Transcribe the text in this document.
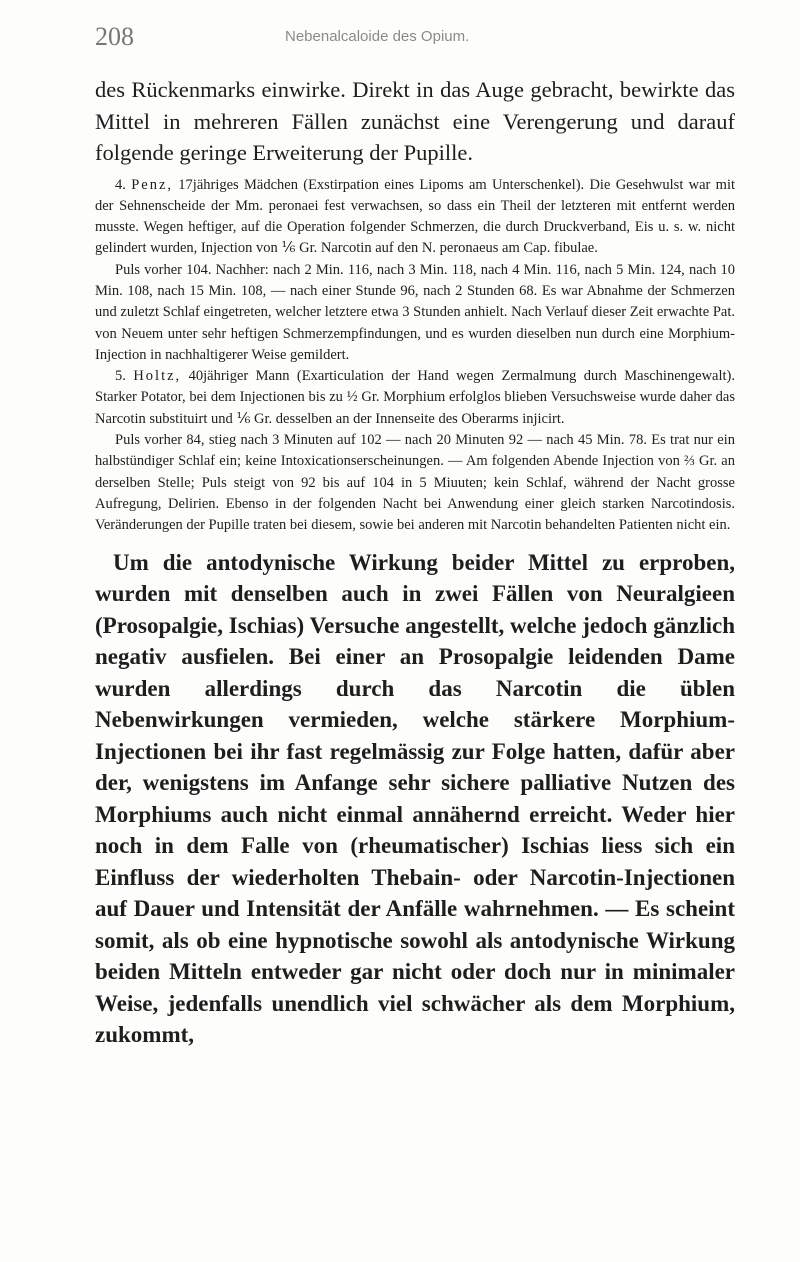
208	Nebenalcaloide des Opium.

des Rückenmarks einwirke. Direkt in das Auge gebracht, bewirkte das Mittel in mehreren Fällen zunächst eine Verengerung und darauf folgende geringe Erweiterung der Pupille.

4. Penz, 17jähriges Mädchen (Exstirpation eines Lipoms am Unterschenkel). Die Gesehwulst war mit der Sehnenscheide der Mm. peronaei fest verwachsen, so dass ein Theil der letzteren mit entfernt werden musste. Wegen heftiger, auf die Operation folgender Schmerzen, die durch Druckverband, Eis u. s. w. nicht gelindert wurden, Injection von ⅙ Gr. Narcotin auf den N. peronaeus am Cap. fibulae.

Puls vorher 104. Nachher: nach 2 Min. 116, nach 3 Min. 118, nach 4 Min. 116, nach 5 Min. 124, nach 10 Min. 108, nach 15 Min. 108, — nach einer Stunde 96, nach 2 Stunden 68. Es war Abnahme der Schmerzen und zuletzt Schlaf eingetreten, welcher letztere etwa 3 Stunden anhielt. Nach Verlauf dieser Zeit erwachte Pat. von Neuem unter sehr heftigen Schmerzempfindungen, und es wurden dieselben nun durch eine Morphium-Injection in nachhaltigerer Weise gemildert.

5. Holtz, 40jähriger Mann (Exarticulation der Hand wegen Zermalmung durch Maschinengewalt). Starker Potator, bei dem Injectionen bis zu ½ Gr. Morphium erfolglos blieben Versuchsweise wurde daher das Narcotin substituirt und ⅙ Gr. desselben an der Innenseite des Oberarms injicirt.

Puls vorher 84, stieg nach 3 Minuten auf 102 — nach 20 Minuten 92 — nach 45 Min. 78. Es trat nur ein halbstündiger Schlaf ein; keine Intoxicationserscheinungen. — Am folgenden Abende Injection von ⅔ Gr. an derselben Stelle; Puls steigt von 92 bis auf 104 in 5 Miuuten; kein Schlaf, während der Nacht grosse Aufregung, Delirien. Ebenso in der folgenden Nacht bei Anwendung einer gleich starken Narcotindosis. Veränderungen der Pupille traten bei diesem, sowie bei anderen mit Narcotin behandelten Patienten nicht ein.

Um die antodynische Wirkung beider Mittel zu erproben, wurden mit denselben auch in zwei Fällen von Neuralgieen (Prosopalgie, Ischias) Versuche angestellt, welche jedoch gänzlich negativ ausfielen. Bei einer an Prosopalgie leidenden Dame wurden allerdings durch das Narcotin die üblen Nebenwirkungen vermieden, welche stärkere Morphium-Injectionen bei ihr fast regelmässig zur Folge hatten, dafür aber der, wenigstens im Anfange sehr sichere palliative Nutzen des Morphiums auch nicht einmal annähernd erreicht. Weder hier noch in dem Falle von (rheumatischer) Ischias liess sich ein Einfluss der wiederholten Thebain- oder Narcotin-Injectionen auf Dauer und Intensität der Anfälle wahrnehmen. — Es scheint somit, als ob eine hypnotische sowohl als antodynische Wirkung beiden Mitteln entweder gar nicht oder doch nur in minimaler Weise, jedenfalls unendlich viel schwächer als dem Morphium, zukommt,
